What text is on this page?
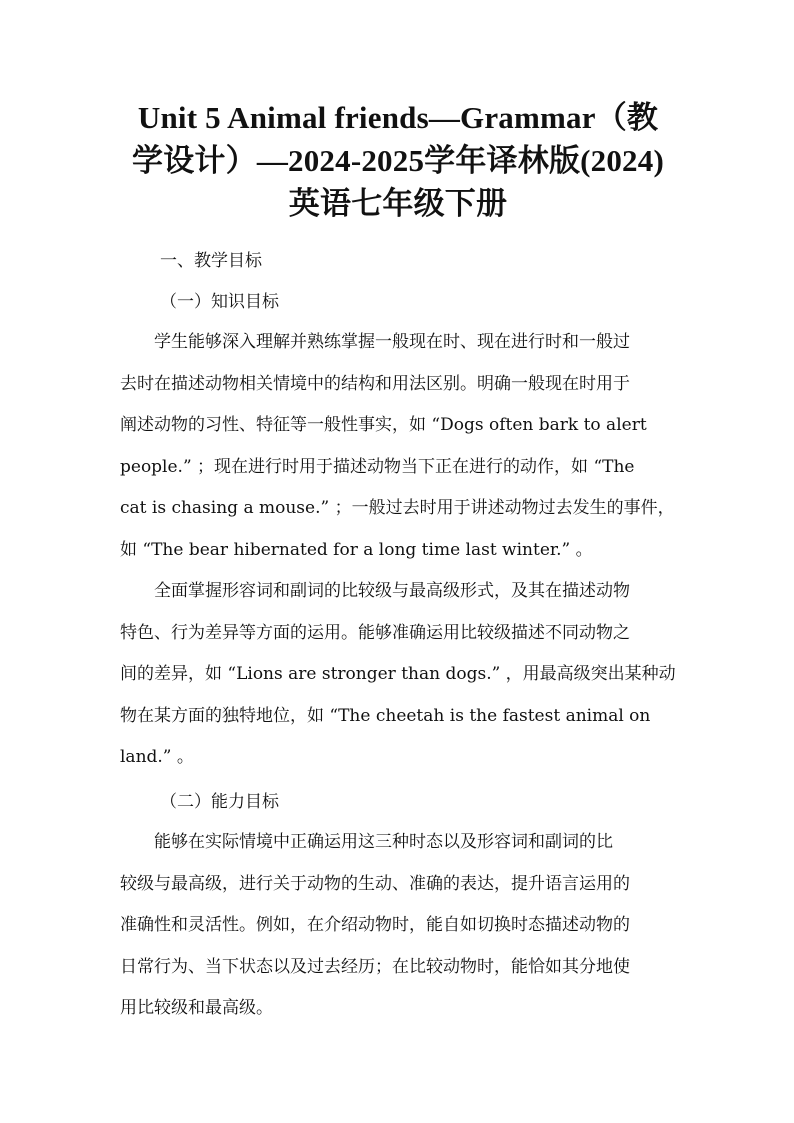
Unit 5 Animal friends—Grammar（教
学设计）—2024-2025学年译林版(2024)
英语七年级下册
一、教学目标
（一）知识目标
　　学生能够深入理解并熟练掌握一般现在时、现在进行时和一般过
去时在描述动物相关情境中的结构和用法区别。明确一般现在时用于
阐述动物的习性、特征等一般性事实，如 “Dogs often bark to alert
people.” ；现在进行时用于描述动物当下正在进行的动作，如 “The
cat is chasing a mouse.” ；一般过去时用于讲述动物过去发生的事件，
如 “The bear hibernated for a long time last winter.” 。
　　全面掌握形容词和副词的比较级与最高级形式，及其在描述动物
特色、行为差异等方面的运用。能够准确运用比较级描述不同动物之
间的差异，如 “Lions are stronger than dogs.” ，用最高级突出某种动
物在某方面的独特地位，如 “The cheetah is the fastest animal on
land.” 。
（二）能力目标
　　能够在实际情境中正确运用这三种时态以及形容词和副词的比
较级与最高级，进行关于动物的生动、准确的表达，提升语言运用的
准确性和灵活性。例如，在介绍动物时，能自如切换时态描述动物的
日常行为、当下状态以及过去经历；在比较动物时，能恰如其分地使
用比较级和最高级。
